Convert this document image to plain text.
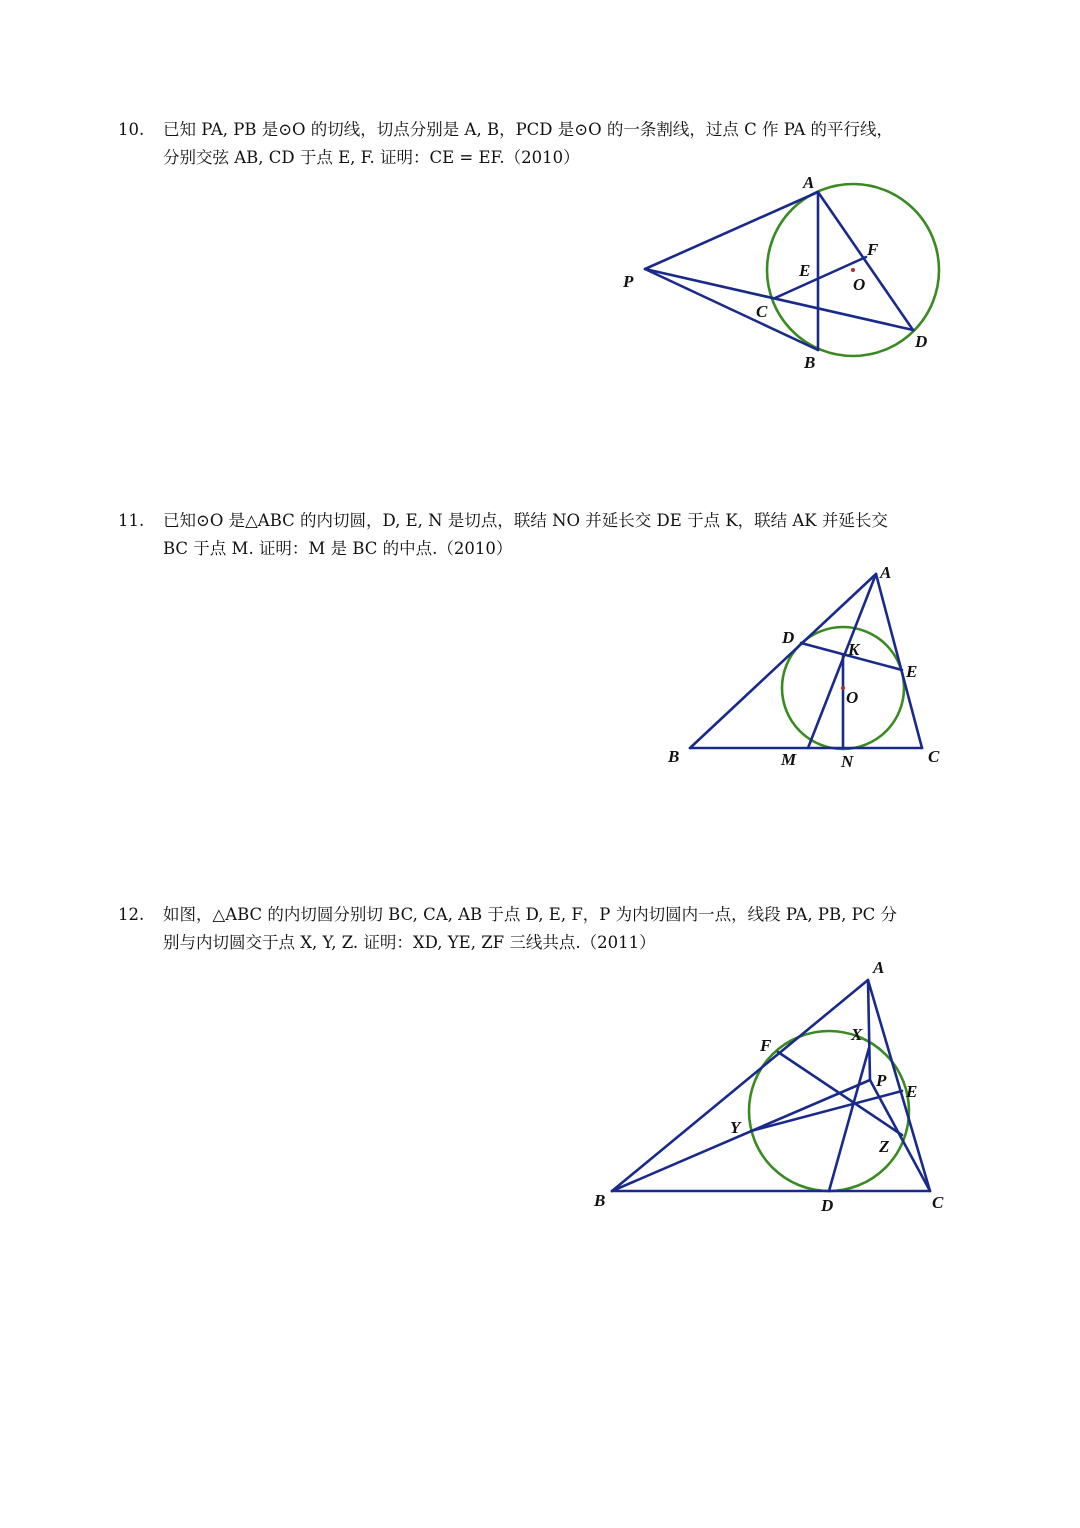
10.	已知 PA, PB 是⊙O 的切线，切点分别是 A, B，PCD 是⊙O 的一条割线，过点 C 作 PA 的平行线，
分别交弦 AB, CD 于点 E, F. 证明：CE = EF.（2010）
A
P
E
F
O
C
D
B
11.	已知⊙O 是△ABC 的内切圆，D, E, N 是切点，联结 NO 并延长交 DE 于点 K，联结 AK 并延长交
BC 于点 M. 证明：M 是 BC 的中点.（2010）
A
D
K
E
O
B	M	N	C
12.	如图，△ABC 的内切圆分别切 BC, CA, AB 于点 D, E, F，P 为内切圆内一点，线段 PA, PB, PC 分
别与内切圆交于点 X, Y, Z. 证明：XD, YE, ZF 三线共点.（2011）
A
X
F
P
E
Y
Z
B	D	C
